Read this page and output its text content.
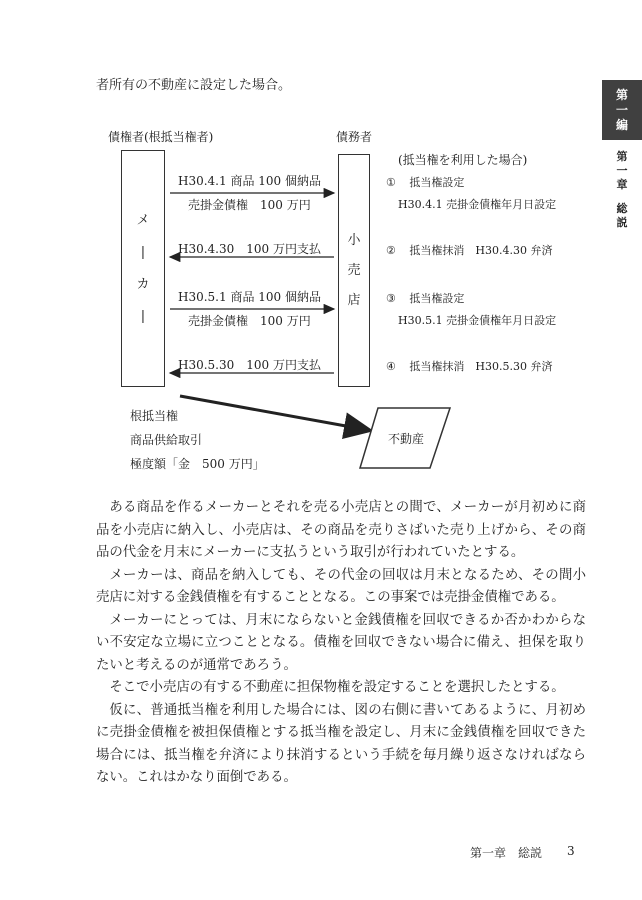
者所有の不動産に設定した場合。
第
一
編
第
一
章
総
説
債権者(根抵当権者)	債務者
(抵当権を利用した場合)
メ
|
カ
|
小
売
店
H30.4.1 商品 100 個納品
売掛金債権　100 万円
H30.4.30　100 万円支払
H30.5.1 商品 100 個納品
売掛金債権　100 万円
H30.5.30　100 万円支払
① 抵当権設定
H30.4.1 売掛金債権年月日設定
② 抵当権抹消　H30.4.30 弁済
③ 抵当権設定
H30.5.1 売掛金債権年月日設定
④ 抵当権抹消　H30.5.30 弁済
根抵当権
商品供給取引
極度額「金　500 万円」
不動産

ある商品を作るメーカーとそれを売る小売店との間で、メーカーが月初めに商品を小売店に納入し、小売店は、その商品を売りさばいた売り上げから、その商品の代金を月末にメーカーに支払うという取引が行われていたとする。

メーカーは、商品を納入しても、その代金の回収は月末となるため、その間小売店に対する金銭債権を有することとなる。この事案では売掛金債権である。

メーカーにとっては、月末にならないと金銭債権を回収できるか否かわからない不安定な立場に立つこととなる。債権を回収できない場合に備え、担保を取りたいと考えるのが通常であろう。

そこで小売店の有する不動産に担保物権を設定することを選択したとする。

仮に、普通抵当権を利用した場合には、図の右側に書いてあるように、月初めに売掛金債権を被担保債権とする抵当権を設定し、月末に金銭債権を回収できた場合には、抵当権を弁済により抹消するという手続を毎月繰り返さなければならない。これはかなり面倒である。

第一章　総説 3
